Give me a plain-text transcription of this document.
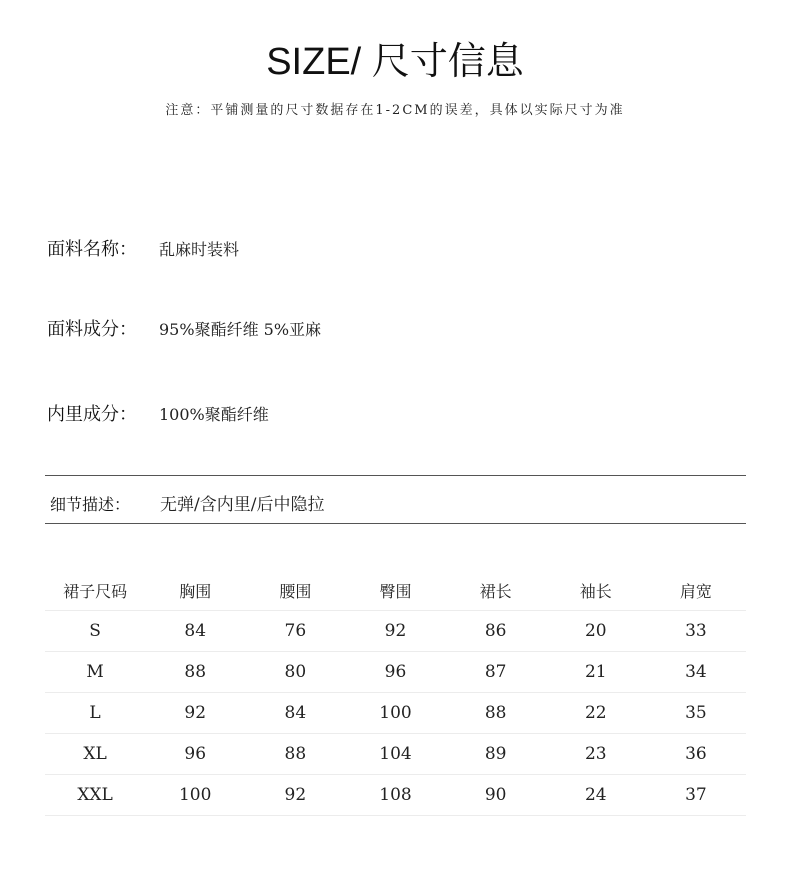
SIZE/ 尺寸信息
注意：平铺测量的尺寸数据存在1-2CM的误差，具体以实际尺寸为准
面料名称：	乱麻时装料
面料成分：	95%聚酯纤维 5%亚麻
内里成分：	100%聚酯纤维
细节描述：	无弹/含内里/后中隐拉
裙子尺码	胸围	腰围	臀围	裙长	袖长	肩宽
S	84	76	92	86	20	33
M	88	80	96	87	21	34
L	92	84	100	88	22	35
XL	96	88	104	89	23	36
XXL	100	92	108	90	24	37
